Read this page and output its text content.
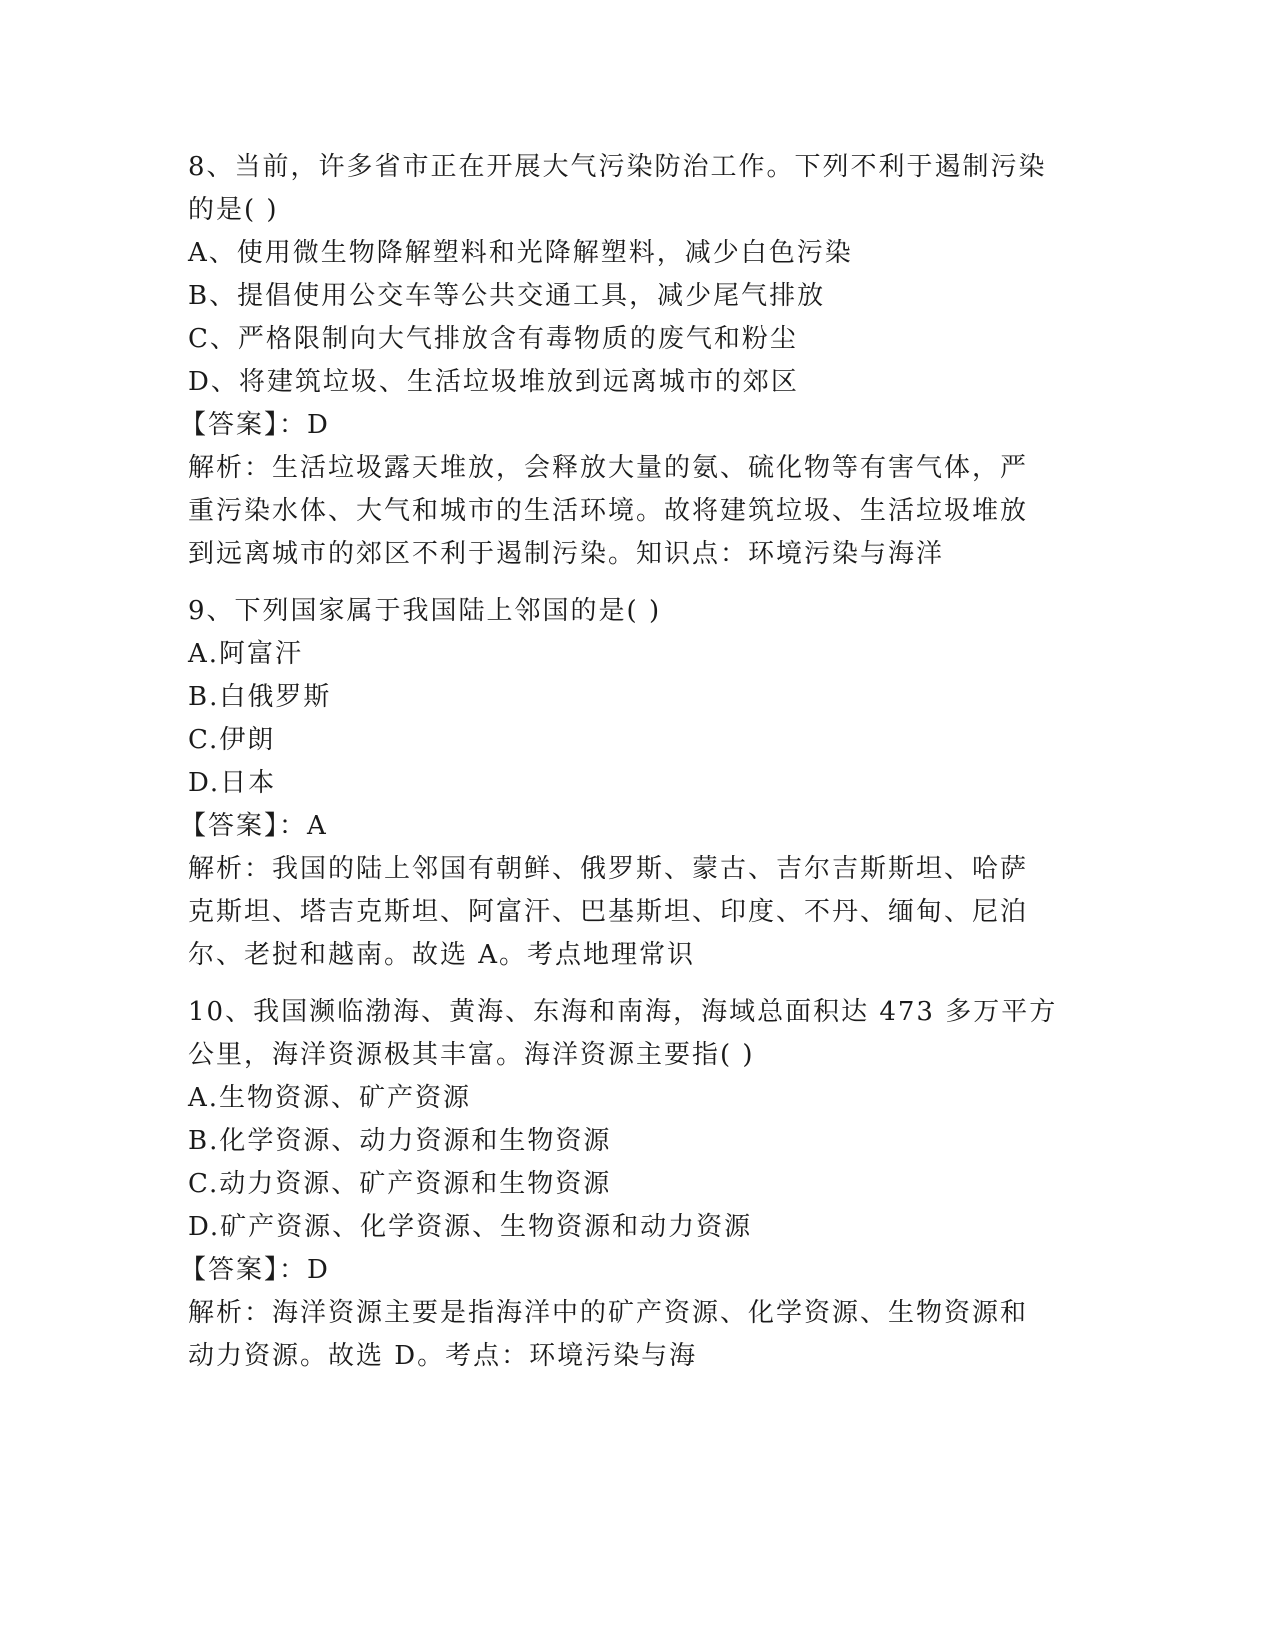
8、当前，许多省市正在开展大气污染防治工作。下列不利于遏制污染

的是( )

A、使用微生物降解塑料和光降解塑料，减少白色污染

B、提倡使用公交车等公共交通工具，减少尾气排放

C、严格限制向大气排放含有毒物质的废气和粉尘

D、将建筑垃圾、生活垃圾堆放到远离城市的郊区

【答案】：D

解析：生活垃圾露天堆放，会释放大量的氨、硫化物等有害气体，严

重污染水体、大气和城市的生活环境。故将建筑垃圾、生活垃圾堆放

到远离城市的郊区不利于遏制污染。知识点：环境污染与海洋

9、下列国家属于我国陆上邻国的是( )

A.阿富汗

B.白俄罗斯

C.伊朗

D.日本

【答案】：A

解析：我国的陆上邻国有朝鲜、俄罗斯、蒙古、吉尔吉斯斯坦、哈萨

克斯坦、塔吉克斯坦、阿富汗、巴基斯坦、印度、不丹、缅甸、尼泊

尔、老挝和越南。故选 A。考点地理常识

10、我国濒临渤海、黄海、东海和南海，海域总面积达 473 多万平方

公里，海洋资源极其丰富。海洋资源主要指( )

A.生物资源、矿产资源

B.化学资源、动力资源和生物资源

C.动力资源、矿产资源和生物资源

D.矿产资源、化学资源、生物资源和动力资源

【答案】：D

解析：海洋资源主要是指海洋中的矿产资源、化学资源、生物资源和

动力资源。故选 D。考点：环境污染与海
